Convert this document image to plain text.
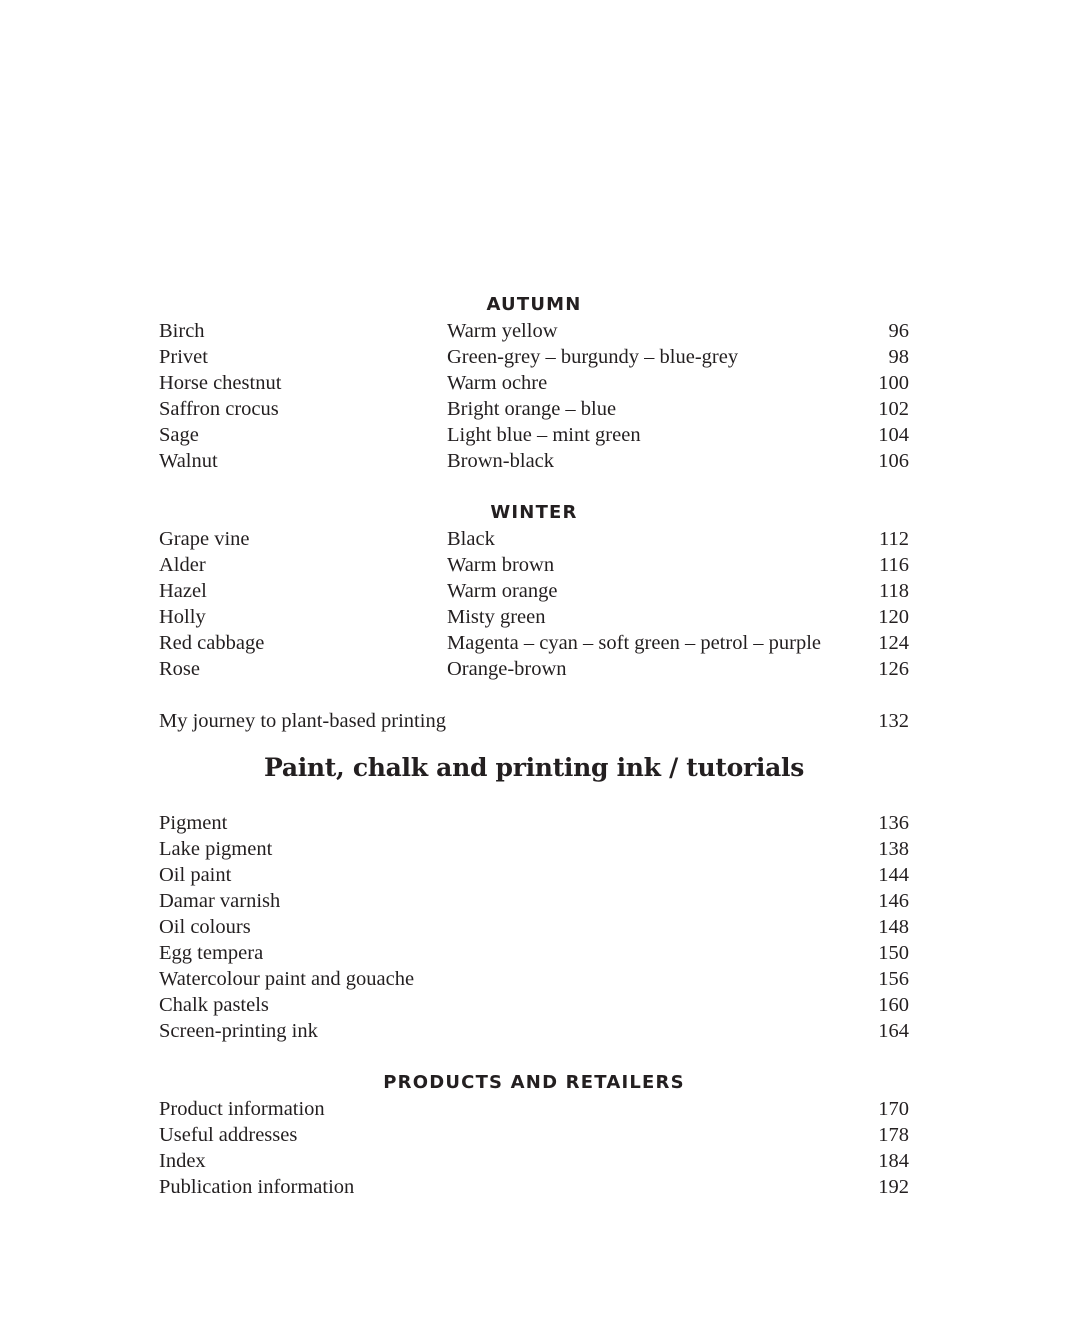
AUTUMN
Birch	Warm yellow	96
Privet	Green-grey – burgundy – blue-grey	98
Horse chestnut	Warm ochre	100
Saffron crocus	Bright orange – blue	102
Sage	Light blue – mint green	104
Walnut	Brown-black	106
WINTER
Grape vine	Black	112
Alder	Warm brown	116
Hazel	Warm orange	118
Holly	Misty green	120
Red cabbage	Magenta – cyan – soft green – petrol – purple	124
Rose	Orange-brown	126
My journey to plant-based printing	132
Paint, chalk and printing ink / tutorials
Pigment	136
Lake pigment	138
Oil paint	144
Damar varnish	146
Oil colours	148
Egg tempera	150
Watercolour paint and gouache	156
Chalk pastels	160
Screen-printing ink	164
PRODUCTS AND RETAILERS
Product information	170
Useful addresses	178
Index	184
Publication information	192
